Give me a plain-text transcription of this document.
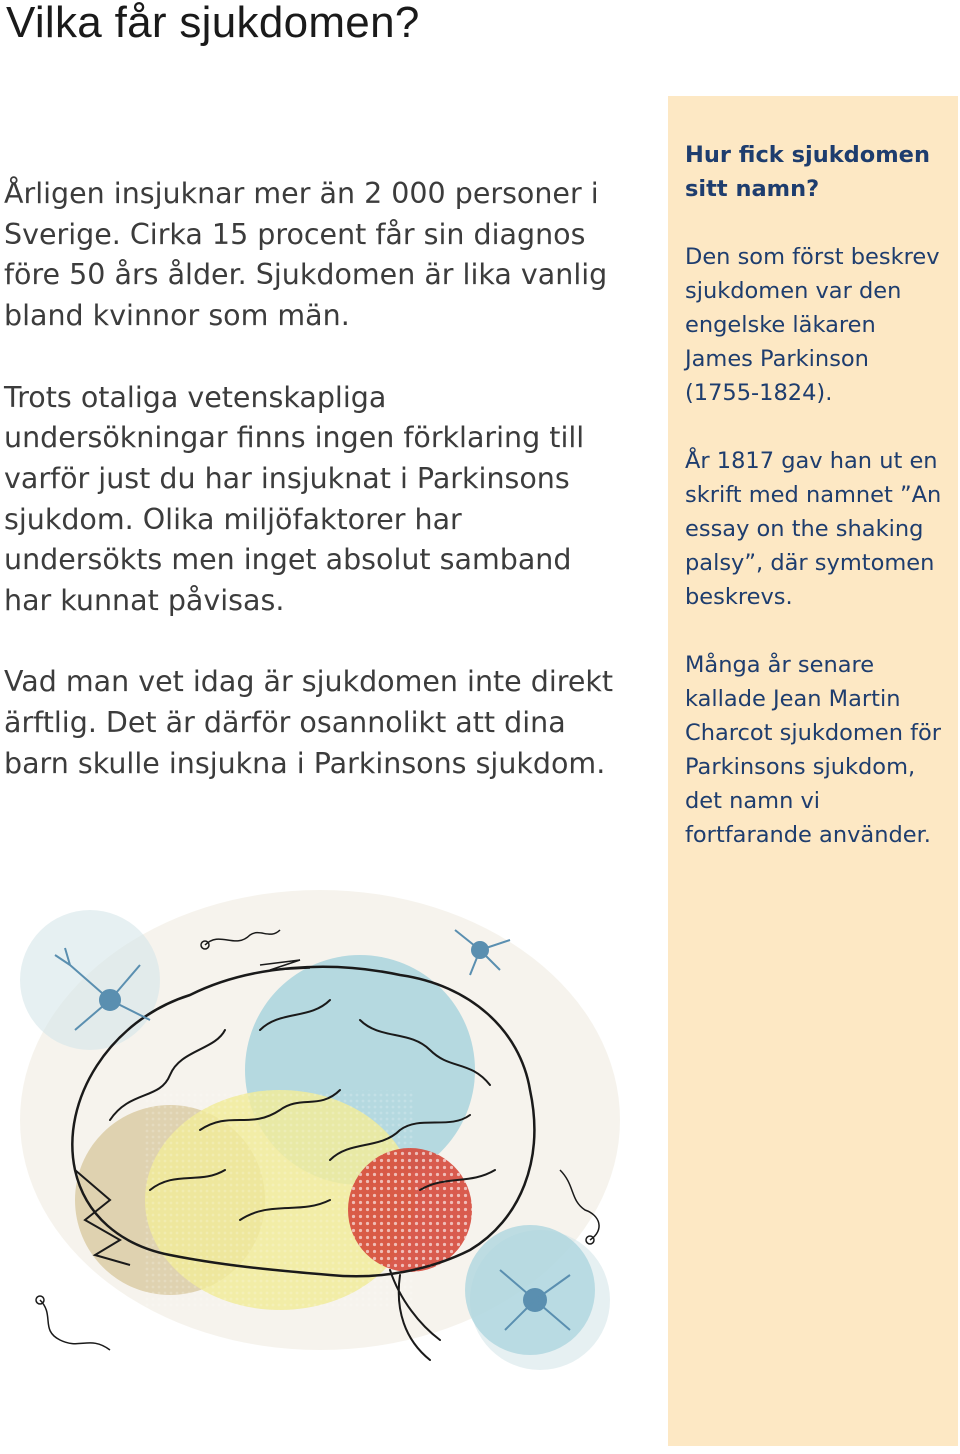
Vilka får sjukdomen?

Årligen insjuknar mer än 2 000 personer i Sverige. Cirka 15 procent får sin diagnos före 50 års ålder. Sjukdomen är lika vanlig bland kvinnor som män.

Trots otaliga vetenskapliga undersökningar finns ingen förklaring till varför just du har insjuknat i Parkinsons sjukdom. Olika miljöfaktorer har undersökts men inget absolut samband har kunnat påvisas.

Vad man vet idag är sjukdomen inte direkt ärftlig. Det är därför osannolikt att dina barn skulle insjukna i Parkinsons sjukdom.

Hur fick sjukdomen sitt namn?

Den som först beskrev sjukdomen var den engelske läkaren James Parkinson (1755-1824).

År 1817 gav han ut en skrift med namnet ”An essay on the shaking palsy”, där symtomen beskrevs.

Många år senare kallade Jean Martin Charcot sjukdomen för Parkinsons sjukdom, det namn vi fortfarande använder.
